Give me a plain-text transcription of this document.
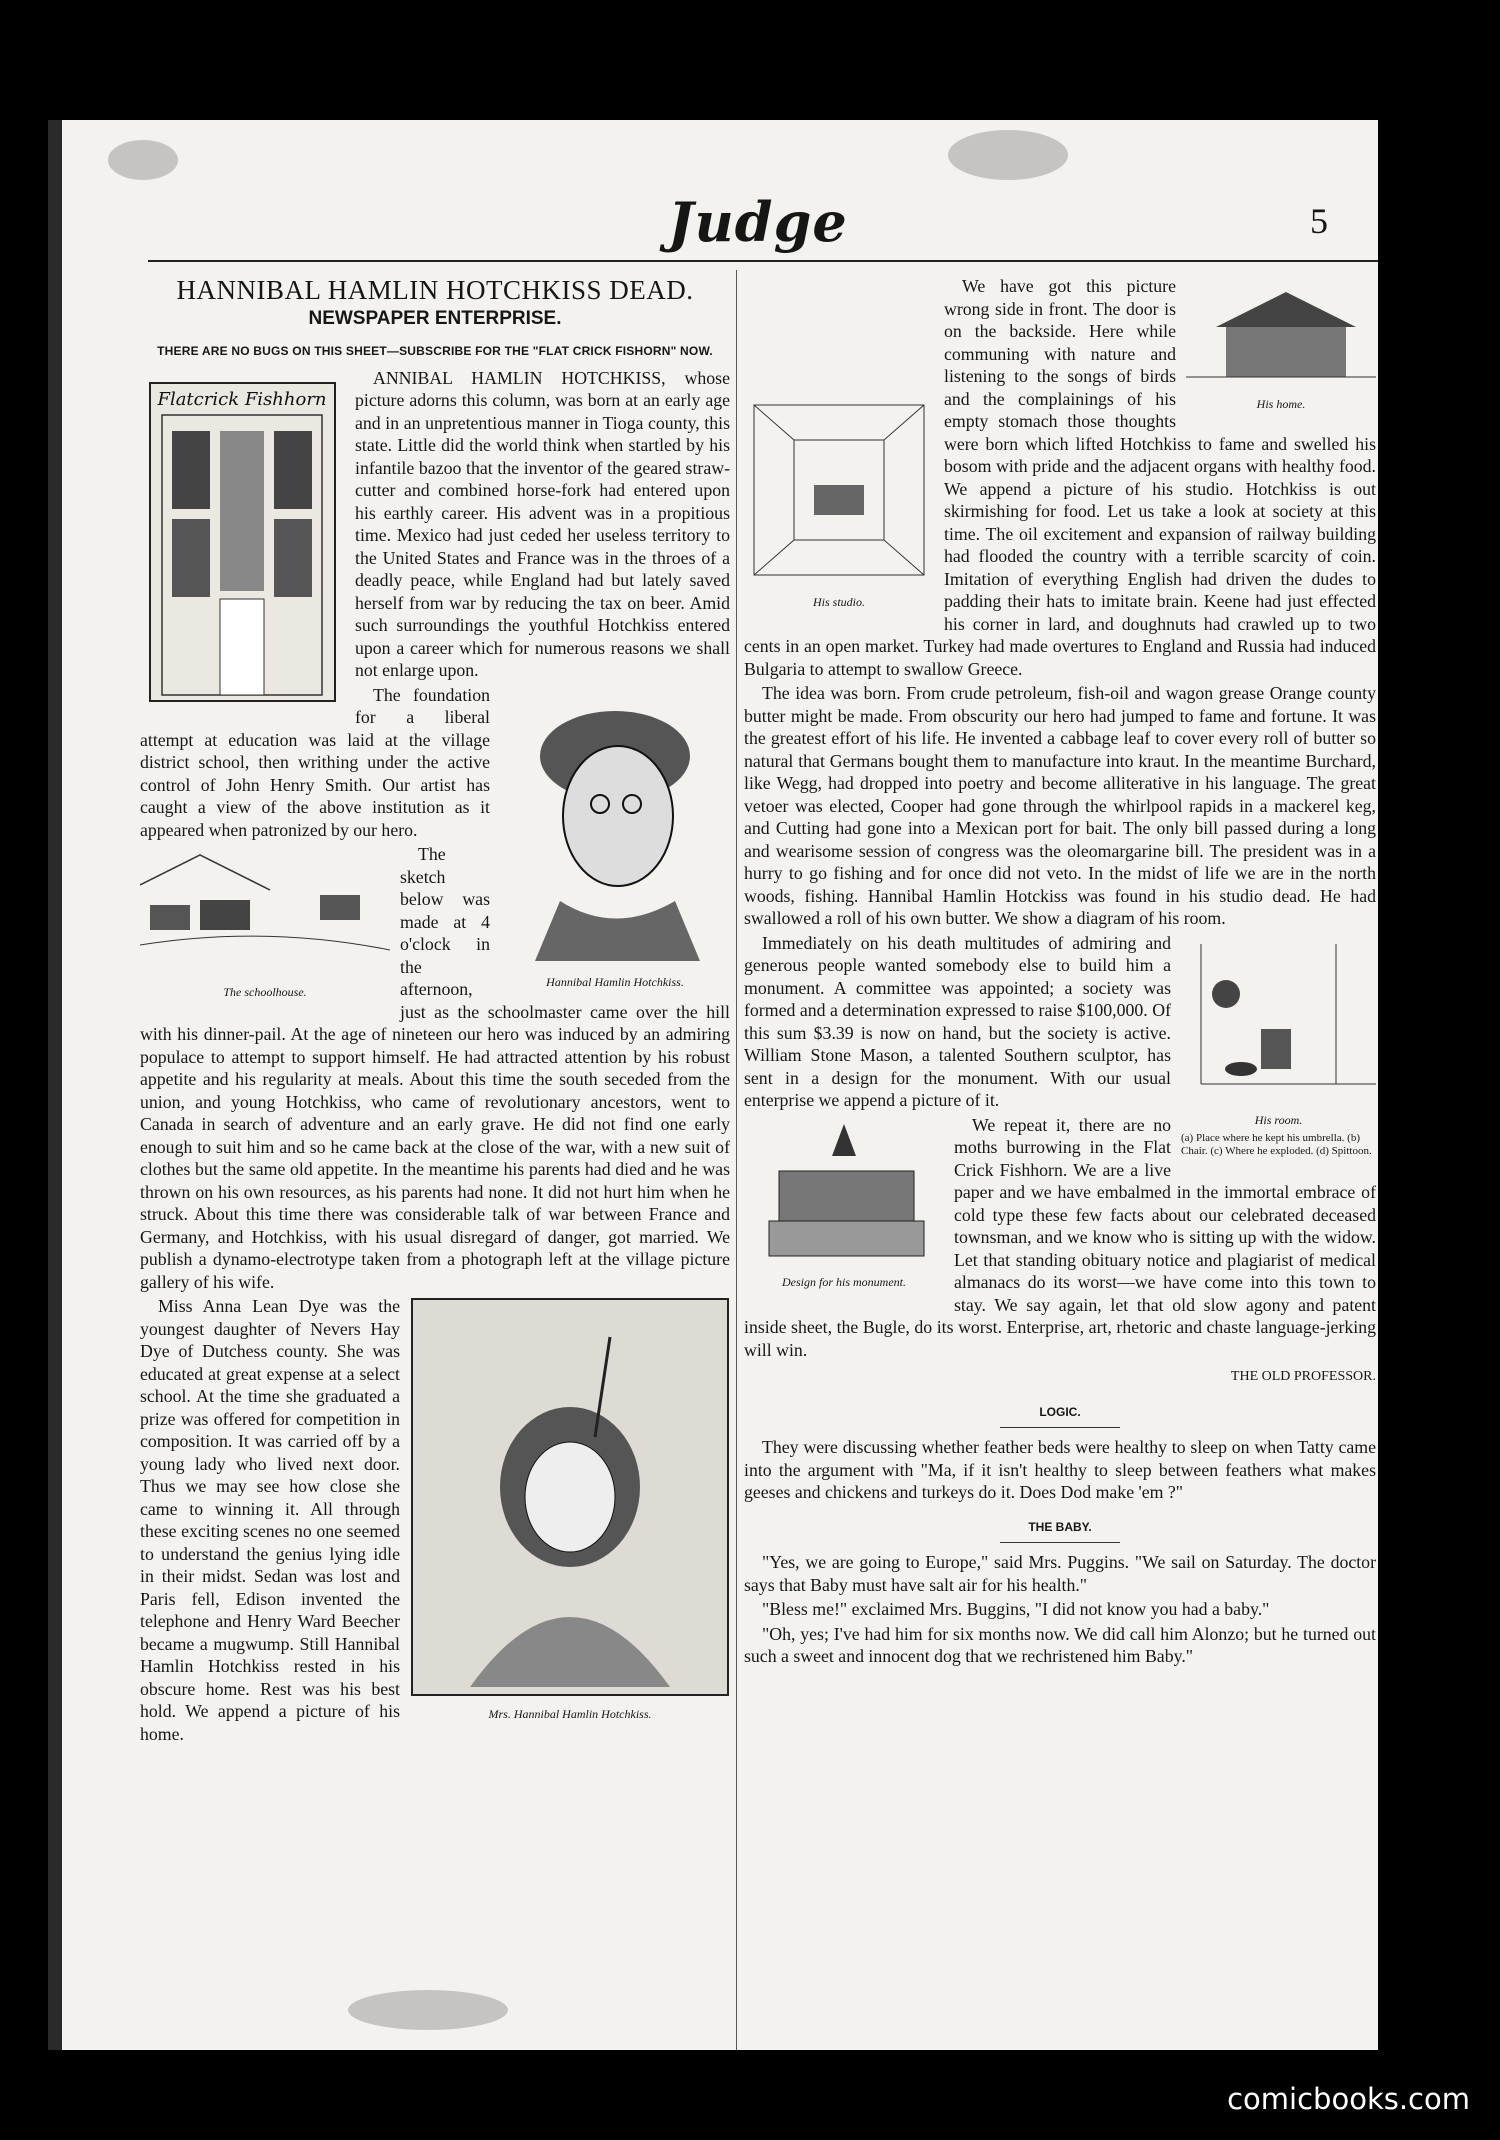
Judge	5
HANNIBAL HAMLIN HOTCHKISS DEAD.
NEWSPAPER ENTERPRISE.
THERE ARE NO BUGS ON THIS SHEET—SUBSCRIBE FOR THE "FLAT CRICK FISHORN" NOW.
Flatcrick Fishhorn

ANNIBAL HAMLIN HOTCHKISS, whose picture adorns this column, was born at an early age and in an unpretentious manner in Tioga county, this state. Little did the world think when startled by his infantile bazoo that the inventor of the geared straw-cutter and combined horse-fork had entered upon his earthly career. His advent was in a propitious time. Mexico had just ceded her useless territory to the United States and France was in the throes of a deadly peace, while England had but lately saved herself from war by reducing the tax on beer. Amid such surroundings the youthful Hotchkiss entered upon a career which for numerous reasons we shall not enlarge upon.

Hannibal Hamlin Hotchkiss.

The foundation for a liberal attempt at education was laid at the village district school, then writhing under the active control of John Henry Smith. Our artist has caught a view of the above institution as it appeared when patronized by our hero.

The schoolhouse.

The sketch below was made at 4 o'clock in the afternoon, just as the schoolmaster came over the hill with his dinner-pail. At the age of nineteen our hero was induced by an admiring populace to attempt to support himself. He had attracted attention by his robust appetite and his regularity at meals. About this time the south seceded from the union, and young Hotchkiss, who came of revolutionary ancestors, went to Canada in search of adventure and an early grave. He did not find one early enough to suit him and so he came back at the close of the war, with a new suit of clothes but the same old appetite. In the meantime his parents had died and he was thrown on his own resources, as his parents had none. It did not hurt him when he struck. About this time there was considerable talk of war between France and Germany, and Hotchkiss, with his usual disregard of danger, got married. We publish a dynamo-electrotype taken from a photograph left at the village picture gallery of his wife.

Mrs. Hannibal Hamlin Hotchkiss.

Miss Anna Lean Dye was the youngest daughter of Nevers Hay Dye of Dutchess county. She was educated at great expense at a select school. At the time she graduated a prize was offered for competition in composition. It was carried off by a young lady who lived next door. Thus we may see how close she came to winning it. All through these exciting scenes no one seemed to understand the genius lying idle in their midst. Sedan was lost and Paris fell, Edison invented the telephone and Henry Ward Beecher became a mugwump. Still Hannibal Hamlin Hotchkiss rested in his obscure home. Rest was his best hold. We append a picture of his home.

His home.
His studio.

We have got this picture wrong side in front. The door is on the backside. Here while communing with nature and listening to the songs of birds and the complainings of his empty stomach those thoughts were born which lifted Hotchkiss to fame and swelled his bosom with pride and the adjacent organs with healthy food. We append a picture of his studio. Hotchkiss is out skirmishing for food. Let us take a look at society at this time. The oil excitement and expansion of railway building had flooded the country with a terrible scarcity of coin. Imitation of everything English had driven the dudes to padding their hats to imitate brain. Keene had just effected his corner in lard, and doughnuts had crawled up to two cents in an open market. Turkey had made overtures to England and Russia had induced Bulgaria to attempt to swallow Greece.

The idea was born. From crude petroleum, fish-oil and wagon grease Orange county butter might be made. From obscurity our hero had jumped to fame and fortune. It was the greatest effort of his life. He invented a cabbage leaf to cover every roll of butter so natural that Germans bought them to manufacture into kraut. In the meantime Burchard, like Wegg, had dropped into poetry and become alliterative in his language. The great vetoer was elected, Cooper had gone through the whirlpool rapids in a mackerel keg, and Cutting had gone into a Mexican port for bait. The only bill passed during a long and wearisome session of congress was the oleomargarine bill. The president was in a hurry to go fishing and for once did not veto. In the midst of life we are in the north woods, fishing. Hannibal Hamlin Hotckiss was found in his studio dead. He had swallowed a roll of his own butter. We show a diagram of his room.

His room.
(a) Place where he kept his umbrella. (b) Chair. (c) Where he exploded. (d) Spittoon.

Immediately on his death multitudes of admiring and generous people wanted somebody else to build him a monument. A committee was appointed; a society was formed and a determination expressed to raise $100,000. Of this sum $3.39 is now on hand, but the society is active. William Stone Mason, a talented Southern sculptor, has sent in a design for the monument. With our usual enterprise we append a picture of it.

Design for his monument.

We repeat it, there are no moths burrowing in the Flat Crick Fishhorn. We are a live paper and we have embalmed in the immortal embrace of cold type these few facts about our celebrated deceased townsman, and we know who is sitting up with the widow. Let that standing obituary notice and plagiarist of medical almanacs do its worst—we have come into this town to stay. We say again, let that old slow agony and patent inside sheet, the Bugle, do its worst. Enterprise, art, rhetoric and chaste language-jerking will win.

THE OLD PROFESSOR.
LOGIC.

They were discussing whether feather beds were healthy to sleep on when Tatty came into the argument with "Ma, if it isn't healthy to sleep between feathers what makes geeses and chickens and turkeys do it. Does Dod make 'em ?"

THE BABY.

"Yes, we are going to Europe," said Mrs. Puggins. "We sail on Saturday. The doctor says that Baby must have salt air for his health."

"Bless me!" exclaimed Mrs. Buggins, "I did not know you had a baby."

"Oh, yes; I've had him for six months now. We did call him Alonzo; but he turned out such a sweet and innocent dog that we rechristened him Baby."

comicbooks.com
